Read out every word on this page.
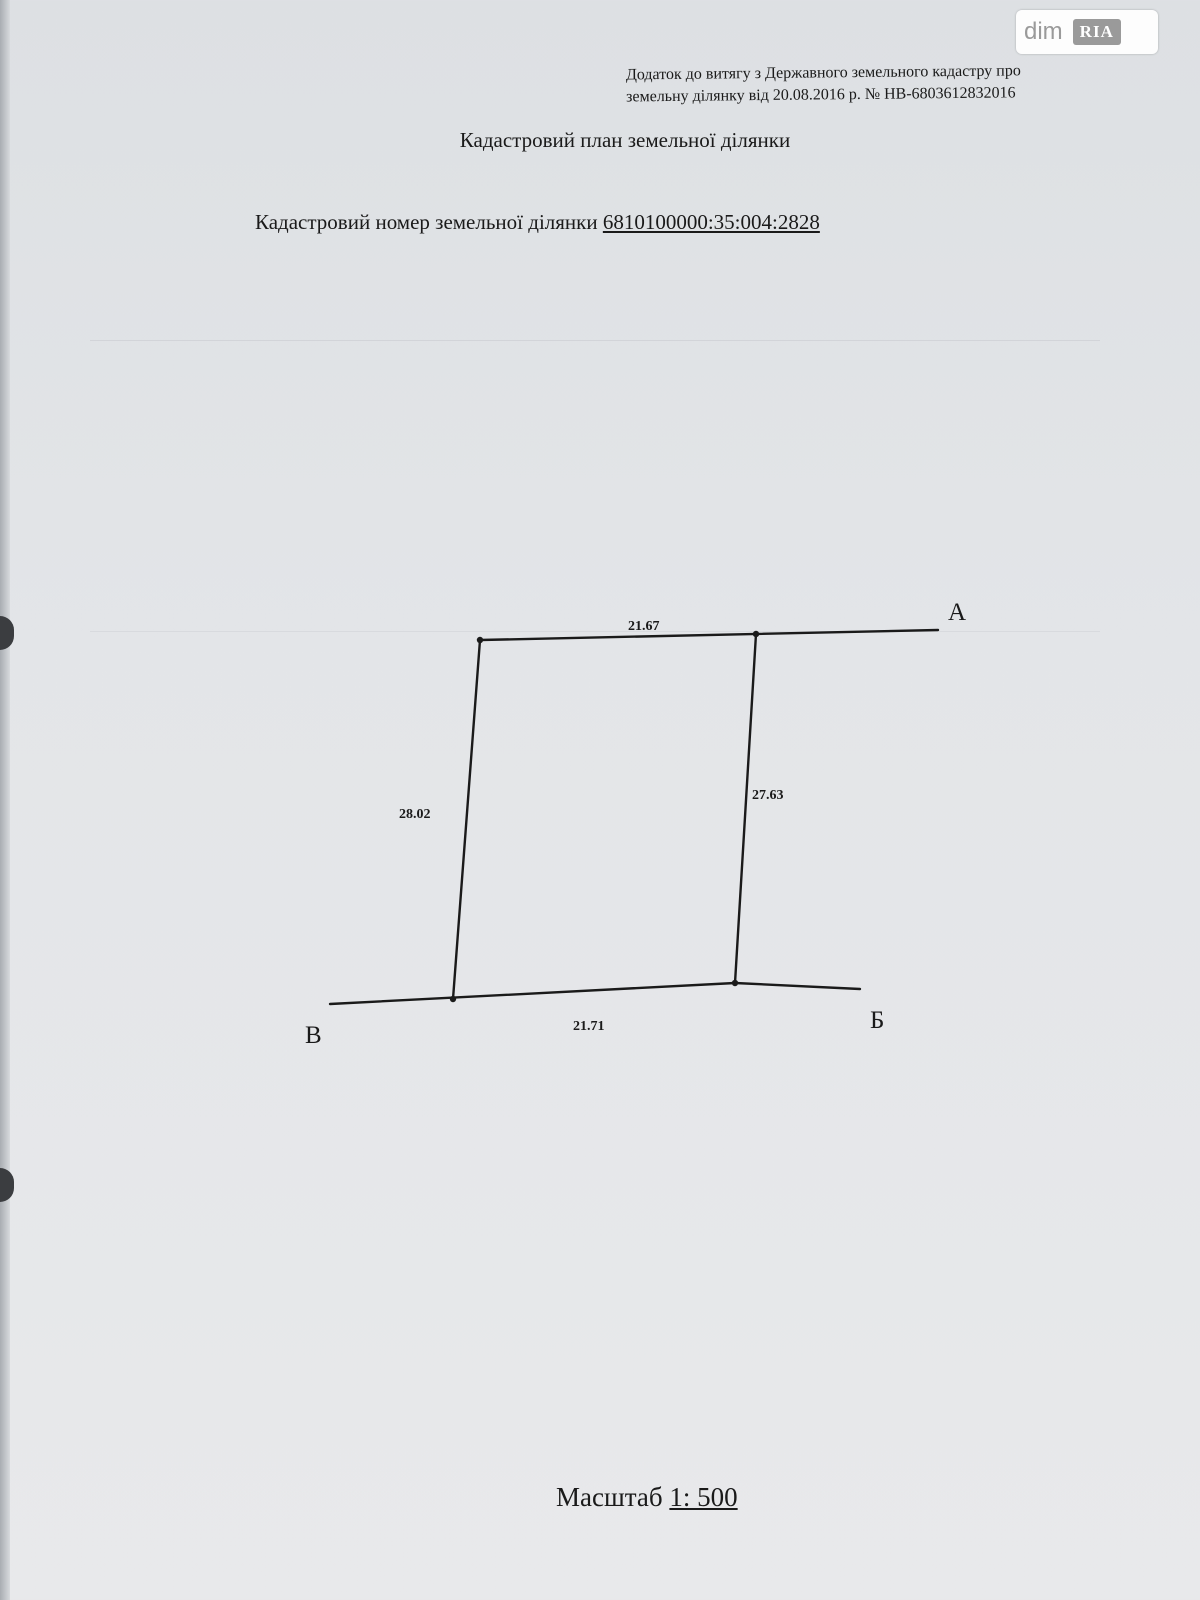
dim	RIA
Додаток до витягу з Державного земельного кадастру про
земельну ділянку від 20.08.2016 р. № НВ-6803612832016
Кадастровий план земельної ділянки
Кадастровий номер земельної ділянки 6810100000:35:004:2828
21.67
27.63
21.71
28.02
А
Б
В
Масштаб 1: 500
